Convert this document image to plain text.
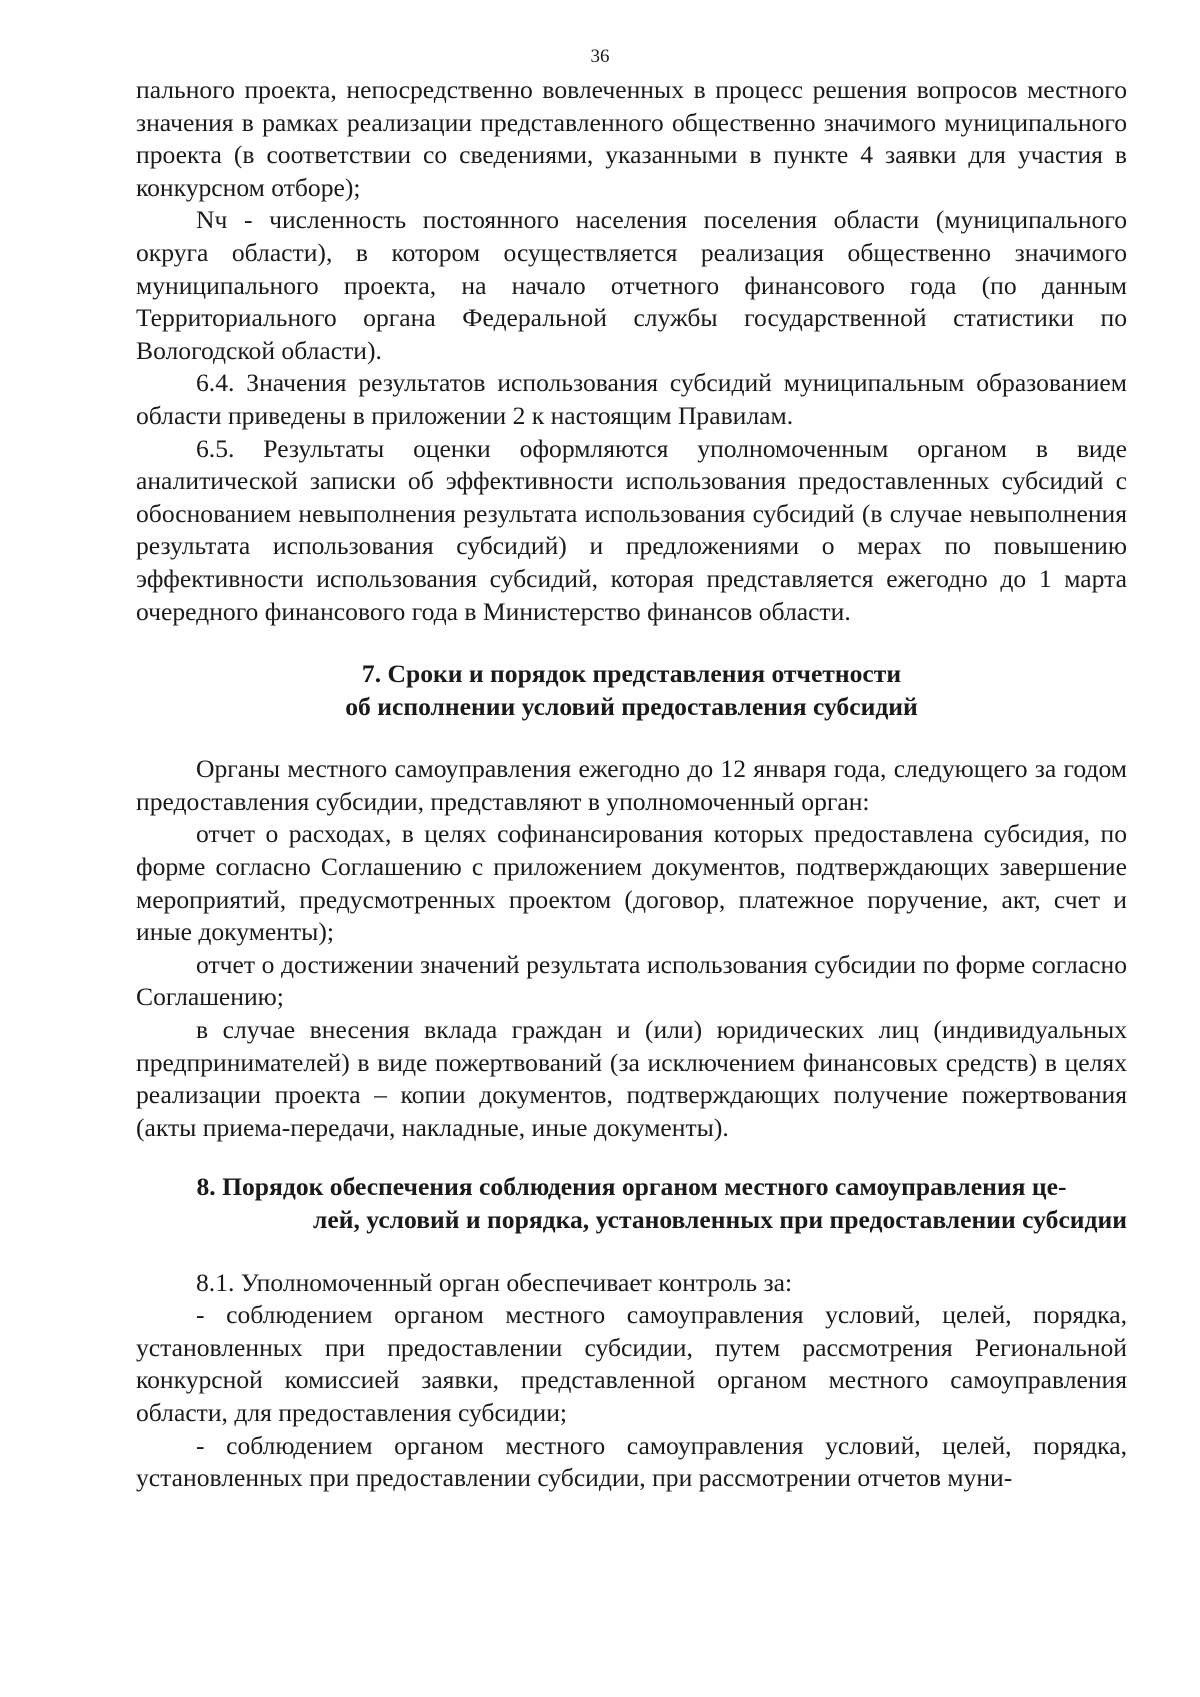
36

пального проекта, непосредственно вовлеченных в процесс решения вопросов местного значения в рамках реализации представленного общественно значимого муниципального проекта (в соответствии со сведениями, указанными в пункте 4 заявки для участия в конкурсном отборе);

Nч - численность постоянного населения поселения области (муниципального округа области), в котором осуществляется реализация общественно значимого муниципального проекта, на начало отчетного финансового года (по данным Территориального органа Федеральной службы государственной статистики по Вологодской области).

6.4. Значения результатов использования субсидий муниципальным образованием области приведены в приложении 2 к настоящим Правилам.

6.5. Результаты оценки оформляются уполномоченным органом в виде аналитической записки об эффективности использования предоставленных субсидий с обоснованием невыполнения результата использования субсидий (в случае невыполнения результата использования субсидий) и предложениями о мерах по повышению эффективности использования субсидий, которая представляется ежегодно до 1 марта очередного финансового года в Министерство финансов области.

7. Сроки и порядок представления отчетности
об исполнении условий предоставления субсидий

Органы местного самоуправления ежегодно до 12 января года, следующего за годом предоставления субсидии, представляют в уполномоченный орган:

отчет о расходах, в целях софинансирования которых предоставлена субсидия, по форме согласно Соглашению с приложением документов, подтверждающих завершение мероприятий, предусмотренных проектом (договор, платежное поручение, акт, счет и иные документы);

отчет о достижении значений результата использования субсидии по форме согласно Соглашению;

в случае внесения вклада граждан и (или) юридических лиц (индивидуальных предпринимателей) в виде пожертвований (за исключением финансовых средств) в целях реализации проекта – копии документов, подтверждающих получение пожертвования (акты приема-передачи, накладные, иные документы).

8. Порядок обеспечения соблюдения органом местного самоуправления це-
лей, условий и порядка, установленных при предоставлении субсидии

8.1. Уполномоченный орган обеспечивает контроль за:

- соблюдением органом местного самоуправления условий, целей, порядка, установленных при предоставлении субсидии, путем рассмотрения Региональной конкурсной комиссией заявки, представленной органом местного самоуправления области, для предоставления субсидии;

- соблюдением органом местного самоуправления условий, целей, порядка, установленных при предоставлении субсидии, при рассмотрении отчетов муни-
